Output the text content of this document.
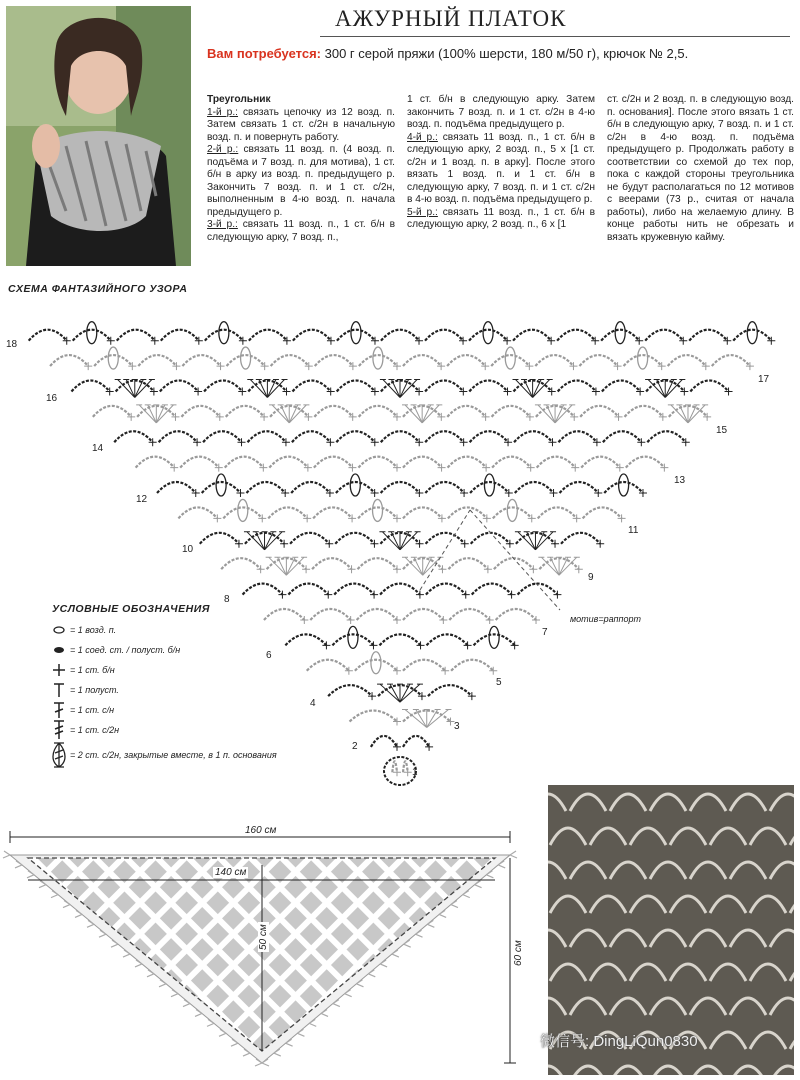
АЖУРНЫЙ ПЛАТОК
Вам потребуется: 300 г серой пряжи (100% шерсти, 180 м/50 г), крючок № 2,5.
Треугольник

1-й р.: связать цепочку из 12 возд. п. Затем связать 1 ст. с/2н в начальную возд. п. и повернуть работу.

2-й р.: связать 11 возд. п. (4 возд. п. подъёма и 7 возд. п. для мотива), 1 ст. б/н в арку из возд. п. предыдущего р. Закончить 7 возд. п. и 1 ст. с/2н, выполненным в 4-ю возд. п. начала предыдущего р.

3-й р.: связать 11 возд. п., 1 ст. б/н в следующую арку, 7 возд. п.,

1 ст. б/н в следующую арку. Затем закончить 7 возд. п. и 1 ст. с/2н в 4-ю возд. п. подъёма предыдущего р.

4-й р.: связать 11 возд. п., 1 ст. б/н в следующую арку, 2 возд. п., 5 х [1 ст. с/2н и 1 возд. п. в арку]. После этого вязать 1 возд. п. и 1 ст. б/н в следующую арку, 7 возд. п. и 1 ст. с/2н в 4-ю возд. п. подъёма предыдущего р.

5-й р.: связать 11 возд. п., 1 ст. б/н в следующую арку, 2 возд. п., 6 х [1

ст. с/2н и 2 возд. п. в следующую возд. п. основания]. После этого вязать 1 ст. б/н в следующую арку, 7 возд. п. и 1 ст. с/2н в 4-ю возд. п. подъёма предыдущего р. Продолжать работу в соответствии со схемой до тех пор, пока с каждой стороны треугольника не будут располагаться по 12 мотивов с веерами (73 р., считая от начала работы), либо на желаемую длину. В конце работы нить не обрезать и вязать кружевную кайму.

СХЕМА ФАНТАЗИЙНОГО УЗОРА
18
16
14
12
10
8
6
4
2
17
15
13
11
9
7
5
3
1
мотив=раппорт
УСЛОВНЫЕ ОБОЗНАЧЕНИЯ
= 1 возд. п.
= 1 соед. ст. / полуст. б/н
= 1 ст. б/н
= 1 полуст.
= 1 ст. с/н
= 1 ст. с/2н
= 2 ст. с/2н, закрытые вместе, в 1 п. основания
160 см
140 см
50 см
60 см
微信号: DingLiQun0830
